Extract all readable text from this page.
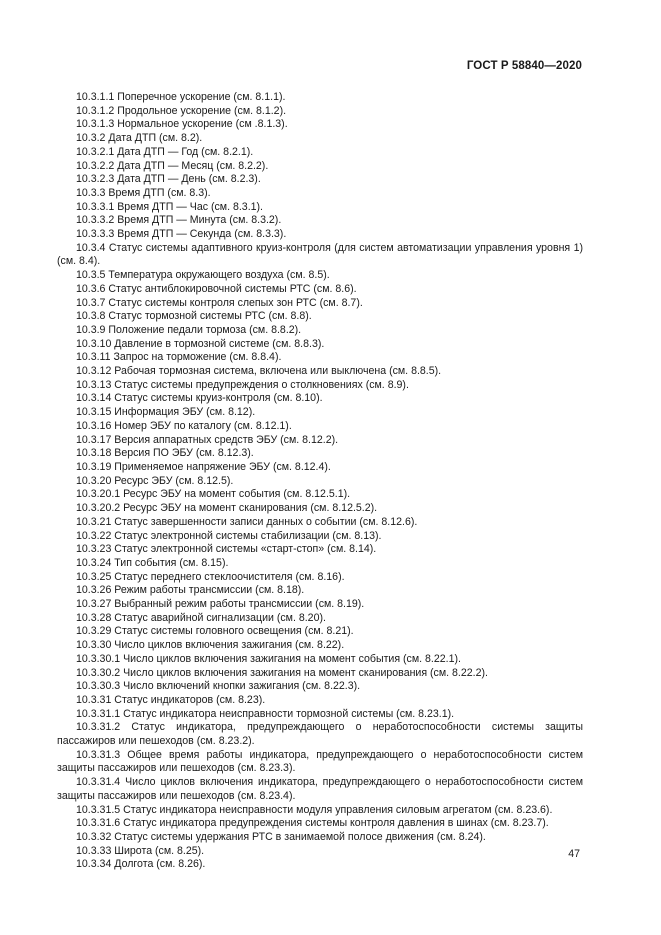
ГОСТ Р 58840—2020

10.3.1.1 Поперечное ускорение (см. 8.1.1).

10.3.1.2 Продольное ускорение (см. 8.1.2).

10.3.1.3 Нормальное ускорение (см .8.1.3).

10.3.2 Дата ДТП (см. 8.2).

10.3.2.1 Дата ДТП — Год (см. 8.2.1).

10.3.2.2 Дата ДТП — Месяц (см. 8.2.2).

10.3.2.3 Дата ДТП — День (см. 8.2.3).

10.3.3 Время ДТП (см. 8.3).

10.3.3.1 Время ДТП — Час (см. 8.3.1).

10.3.3.2 Время ДТП — Минута (см. 8.3.2).

10.3.3.3 Время ДТП — Секунда (см. 8.3.3).

10.3.4 Статус системы адаптивного круиз-контроля (для систем автоматизации управления уровня 1) (см. 8.4).

10.3.5 Температура окружающего воздуха (см. 8.5).

10.3.6 Статус антиблокировочной системы РТС (см. 8.6).

10.3.7 Статус системы контроля слепых зон РТС (см. 8.7).

10.3.8 Статус тормозной системы РТС (см. 8.8).

10.3.9 Положение педали тормоза (см. 8.8.2).

10.3.10 Давление в тормозной системе (см. 8.8.3).

10.3.11 Запрос на торможение (см. 8.8.4).

10.3.12 Рабочая тормозная система, включена или выключена (см. 8.8.5).

10.3.13 Статус системы предупреждения о столкновениях (см. 8.9).

10.3.14 Статус системы круиз-контроля (см. 8.10).

10.3.15 Информация ЭБУ (см. 8.12).

10.3.16 Номер ЭБУ по каталогу (см. 8.12.1).

10.3.17 Версия аппаратных средств ЭБУ (см. 8.12.2).

10.3.18 Версия ПО ЭБУ (см. 8.12.3).

10.3.19 Применяемое напряжение ЭБУ (см. 8.12.4).

10.3.20 Ресурс ЭБУ (см. 8.12.5).

10.3.20.1 Ресурс ЭБУ на момент события (см. 8.12.5.1).

10.3.20.2 Ресурс ЭБУ на момент сканирования (см. 8.12.5.2).

10.3.21 Статус завершенности записи данных о событии (см. 8.12.6).

10.3.22 Статус электронной системы стабилизации (см. 8.13).

10.3.23 Статус электронной системы «старт-стоп» (см. 8.14).

10.3.24 Тип события (см. 8.15).

10.3.25 Статус переднего стеклоочистителя (см. 8.16).

10.3.26 Режим работы трансмиссии (см. 8.18).

10.3.27 Выбранный режим работы трансмиссии (см. 8.19).

10.3.28 Статус аварийной сигнализации (см. 8.20).

10.3.29 Статус системы головного освещения (см. 8.21).

10.3.30 Число циклов включения зажигания (см. 8.22).

10.3.30.1 Число циклов включения зажигания на момент события (см. 8.22.1).

10.3.30.2 Число циклов включения зажигания на момент сканирования (см. 8.22.2).

10.3.30.3 Число включений кнопки зажигания (см. 8.22.3).

10.3.31 Статус индикаторов (см. 8.23).

10.3.31.1 Статус индикатора неисправности тормозной системы (см. 8.23.1).

10.3.31.2 Статус индикатора, предупреждающего о неработоспособности системы защиты пассажиров или пешеходов (см. 8.23.2).

10.3.31.3 Общее время работы индикатора, предупреждающего о неработоспособности систем защиты пассажиров или пешеходов (см. 8.23.3).

10.3.31.4 Число циклов включения индикатора, предупреждающего о неработоспособности систем защиты пассажиров или пешеходов (см. 8.23.4).

10.3.31.5 Статус индикатора неисправности модуля управления силовым агрегатом (см. 8.23.6).

10.3.31.6 Статус индикатора предупреждения системы контроля давления в шинах (см. 8.23.7).

10.3.32 Статус системы удержания РТС в занимаемой полосе движения (см. 8.24).

10.3.33 Широта (см. 8.25).

10.3.34 Долгота (см. 8.26).

47
